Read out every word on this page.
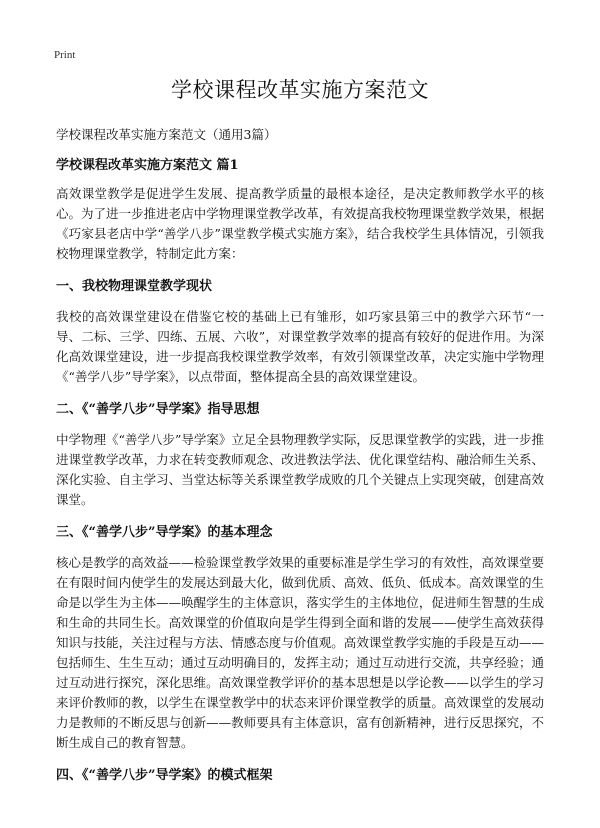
Print
学校课程改革实施方案范文
学校课程改革实施方案范文（通用3篇）
学校课程改革实施方案范文 篇1

高效课堂教学是促进学生发展、提高教学质量的最根本途径，是决定教师教学水平的核心。为了进一步推进老店中学物理课堂教学改革，有效提高我校物理课堂教学效果，根据《巧家县老店中学“善学八步”课堂教学模式实施方案》，结合我校学生具体情况，引领我校物理课堂教学，特制定此方案：

一、我校物理课堂教学现状

我校的高效课堂建设在借鉴它校的基础上已有雏形，如巧家县第三中的教学六环节“一导、二标、三学、四练、五展、六收”，对课堂教学效率的提高有较好的促进作用。为深化高效课堂建设，进一步提高我校课堂教学效率，有效引领课堂改革，决定实施中学物理《“善学八步”导学案》，以点带面，整体提高全县的高效课堂建设。

二、《“善学八步”导学案》指导思想

中学物理《“善学八步”导学案》立足全县物理教学实际，反思课堂教学的实践，进一步推进课堂教学改革，力求在转变教师观念、改进教法学法、优化课堂结构、融洽师生关系、深化实验、自主学习、当堂达标等关系课堂教学成败的几个关键点上实现突破，创建高效课堂。

三、《“善学八步”导学案》的基本理念

核心是教学的高效益——检验课堂教学效果的重要标准是学生学习的有效性，高效课堂要在有限时间内使学生的发展达到最大化，做到优质、高效、低负、低成本。高效课堂的生命是以学生为主体——唤醒学生的主体意识，落实学生的主体地位，促进师生智慧的生成和生命的共同生长。高效课堂的价值取向是学生得到全面和谐的发展——使学生高效获得知识与技能，关注过程与方法、情感态度与价值观。高效课堂教学实施的手段是互动——包括师生、生生互动；通过互动明确目的，发挥主动；通过互动进行交流，共享经验；通过互动进行探究，深化思维。高效课堂教学评价的基本思想是以学论教——以学生的学习来评价教师的教，以学生在课堂教学中的状态来评价课堂教学的质量。高效课堂的发展动力是教师的不断反思与创新——教师要具有主体意识，富有创新精神，进行反思探究，不断生成自己的教育智慧。

四、《“善学八步”导学案》的模式框架
